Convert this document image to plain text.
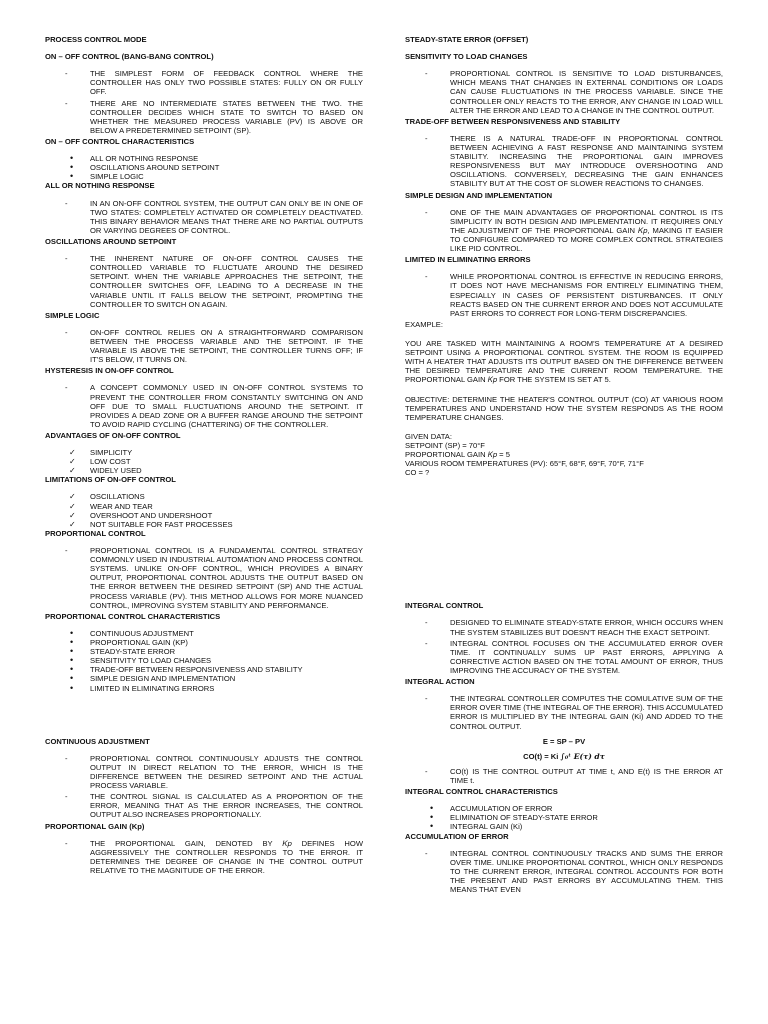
PROCESS CONTROL MODE
ON – OFF CONTROL (BANG-BANG CONTROL)
- THE SIMPLEST FORM OF FEEDBACK CONTROL WHERE THE CONTROLLER HAS ONLY TWO POSSIBLE STATES: FULLY ON OR FULLY OFF.
- THERE ARE NO INTERMEDIATE STATES BETWEEN THE TWO. THE CONTROLLER DECIDES WHICH STATE TO SWITCH TO BASED ON WHETHER THE MEASURED PROCESS VARIABLE (PV) IS ABOVE OR BELOW A PREDETERMINED SETPOINT (SP).
ON – OFF CONTROL CHARACTERISTICS
• ALL OR NOTHING RESPONSE
• OSCILLATIONS AROUND SETPOINT
• SIMPLE LOGIC
ALL OR NOTHING RESPONSE
- IN AN ON-OFF CONTROL SYSTEM, THE OUTPUT CAN ONLY BE IN ONE OF TWO STATES: COMPLETELY ACTIVATED OR COMPLETELY DEACTIVATED. THIS BINARY BEHAVIOR MEANS THAT THERE ARE NO PARTIAL OUTPUTS OR VARYING DEGREES OF CONTROL.
OSCILLATIONS AROUND SETPOINT
- THE INHERENT NATURE OF ON-OFF CONTROL CAUSES THE CONTROLLED VARIABLE TO FLUCTUATE AROUND THE DESIRED SETPOINT. WHEN THE VARIABLE APPROACHES THE SETPOINT, THE CONTROLLER SWITCHES OFF, LEADING TO A DECREASE IN THE VARIABLE UNTIL IT FALLS BELOW THE SETPOINT, PROMPTING THE CONTROLLER TO SWITCH ON AGAIN.
SIMPLE LOGIC
- ON-OFF CONTROL RELIES ON A STRAIGHTFORWARD COMPARISON BETWEEN THE PROCESS VARIABLE AND THE SETPOINT. IF THE VARIABLE IS ABOVE THE SETPOINT, THE CONTROLLER TURNS OFF; IF IT'S BELOW, IT TURNS ON.
HYSTERESIS IN ON-OFF CONTROL
- A CONCEPT COMMONLY USED IN ON-OFF CONTROL SYSTEMS TO PREVENT THE CONTROLLER FROM CONSTANTLY SWITCHING ON AND OFF DUE TO SMALL FLUCTUATIONS AROUND THE SETPOINT. IT PROVIDES A DEAD ZONE OR A BUFFER RANGE AROUND THE SETPOINT TO AVOID RAPID CYCLING (CHATTERING) OF THE CONTROLLER.
ADVANTAGES OF ON-OFF CONTROL
✓ SIMPLICITY
✓ LOW COST
✓ WIDELY USED
LIMITATIONS OF ON-OFF CONTROL
✓ OSCILLATIONS
✓ WEAR AND TEAR
✓ OVERSHOOT AND UNDERSHOOT
✓ NOT SUITABLE FOR FAST PROCESSES
PROPORTIONAL CONTROL
- PROPORTIONAL CONTROL IS A FUNDAMENTAL CONTROL STRATEGY COMMONLY USED IN INDUSTRIAL AUTOMATION AND PROCESS CONTROL SYSTEMS. UNLIKE ON-OFF CONTROL, WHICH PROVIDES A BINARY OUTPUT, PROPORTIONAL CONTROL ADJUSTS THE OUTPUT BASED ON THE ERROR BETWEEN THE DESIRED SETPOINT (SP) AND THE ACTUAL PROCESS VARIABLE (PV). THIS METHOD ALLOWS FOR MORE NUANCED CONTROL, IMPROVING SYSTEM STABILITY AND PERFORMANCE.
PROPORTIONAL CONTROL CHARACTERISTICS
• CONTINUOUS ADJUSTMENT
• PROPORTIONAL GAIN (KP)
• STEADY-STATE ERROR
• SENSITIVITY TO LOAD CHANGES
• TRADE-OFF BETWEEN RESPONSIVENESS AND STABILITY
• SIMPLE DESIGN AND IMPLEMENTATION
• LIMITED IN ELIMINATING ERRORS
CONTINUOUS ADJUSTMENT
- PROPORTIONAL CONTROL CONTINUOUSLY ADJUSTS THE CONTROL OUTPUT IN DIRECT RELATION TO THE ERROR, WHICH IS THE DIFFERENCE BETWEEN THE DESIRED SETPOINT AND THE ACTUAL PROCESS VARIABLE.
- THE CONTROL SIGNAL IS CALCULATED AS A PROPORTION OF THE ERROR, MEANING THAT AS THE ERROR INCREASES, THE CONTROL OUTPUT ALSO INCREASES PROPORTIONALLY.
PROPORTIONAL GAIN (Kp)
- THE PROPORTIONAL GAIN, DENOTED BY 𝐾𝑝 DEFINES HOW AGGRESSIVELY THE CONTROLLER RESPONDS TO THE ERROR. IT DETERMINES THE DEGREE OF CHANGE IN THE CONTROL OUTPUT RELATIVE TO THE MAGNITUDE OF THE ERROR.
STEADY-STATE ERROR (OFFSET)
SENSITIVITY TO LOAD CHANGES
- PROPORTIONAL CONTROL IS SENSITIVE TO LOAD DISTURBANCES, WHICH MEANS THAT CHANGES IN EXTERNAL CONDITIONS OR LOADS CAN CAUSE FLUCTUATIONS IN THE PROCESS VARIABLE. SINCE THE CONTROLLER ONLY REACTS TO THE ERROR, ANY CHANGE IN LOAD WILL ALTER THE ERROR AND LEAD TO A CHANGE IN THE CONTROL OUTPUT.
TRADE-OFF BETWEEN RESPONSIVENESS AND STABILITY
- THERE IS A NATURAL TRADE-OFF IN PROPORTIONAL CONTROL BETWEEN ACHIEVING A FAST RESPONSE AND MAINTAINING SYSTEM STABILITY. INCREASING THE PROPORTIONAL GAIN IMPROVES RESPONSIVENESS BUT MAY INTRODUCE OVERSHOOTING AND OSCILLATIONS. CONVERSELY, DECREASING THE GAIN ENHANCES STABILITY BUT AT THE COST OF SLOWER REACTIONS TO CHANGES.
SIMPLE DESIGN AND IMPLEMENTATION
- ONE OF THE MAIN ADVANTAGES OF PROPORTIONAL CONTROL IS ITS SIMPLICITY IN BOTH DESIGN AND IMPLEMENTATION. IT REQUIRES ONLY THE ADJUSTMENT OF THE PROPORTIONAL GAIN 𝐾𝑝, MAKING IT EASIER TO CONFIGURE COMPARED TO MORE COMPLEX CONTROL STRATEGIES LIKE PID CONTROL.
LIMITED IN ELIMINATING ERRORS
- WHILE PROPORTIONAL CONTROL IS EFFECTIVE IN REDUCING ERRORS, IT DOES NOT HAVE MECHANISMS FOR ENTIRELY ELIMINATING THEM, ESPECIALLY IN CASES OF PERSISTENT DISTURBANCES. IT ONLY REACTS BASED ON THE CURRENT ERROR AND DOES NOT ACCUMULATE PAST ERRORS TO CORRECT FOR LONG-TERM DISCREPANCIES.

EXAMPLE:

YOU ARE TASKED WITH MAINTAINING A ROOM'S TEMPERATURE AT A DESIRED SETPOINT USING A PROPORTIONAL CONTROL SYSTEM. THE ROOM IS EQUIPPED WITH A HEATER THAT ADJUSTS ITS OUTPUT BASED ON THE DIFFERENCE BETWEEN THE DESIRED TEMPERATURE AND THE CURRENT ROOM TEMPERATURE. THE PROPORTIONAL GAIN 𝐾𝑝 FOR THE SYSTEM IS SET AT 5.

OBJECTIVE: DETERMINE THE HEATER'S CONTROL OUTPUT (CO) AT VARIOUS ROOM TEMPERATURES AND UNDERSTAND HOW THE SYSTEM RESPONDS AS THE ROOM TEMPERATURE CHANGES.

GIVEN DATA:

SETPOINT (SP) = 70°F

PROPORTIONAL GAIN 𝐾𝑝 = 5

VARIOUS ROOM TEMPERATURES (PV): 65°F, 68°F, 69°F, 70°F, 71°F

CO = ?

INTEGRAL CONTROL
- DESIGNED TO ELIMINATE STEADY-STATE ERROR, WHICH OCCURS WHEN THE SYSTEM STABILIZES BUT DOESN'T REACH THE EXACT SETPOINT.
- INTEGRAL CONTROL FOCUSES ON THE ACCUMULATED ERROR OVER TIME. IT CONTINUALLY SUMS UP PAST ERRORS, APPLYING A CORRECTIVE ACTION BASED ON THE TOTAL AMOUNT OF ERROR, THUS IMPROVING THE ACCURACY OF THE SYSTEM.
INTEGRAL ACTION
- THE INTEGRAL CONTROLLER COMPUTES THE COMULATIVE SUM OF THE ERROR OVER TIME (THE INTEGRAL OF THE ERROR). THIS ACCUMULATED ERROR IS MULTIPLIED BY THE INTEGRAL GAIN (Ki) AND ADDED TO THE CONTROL OUTPUT.
E = SP – PV
CO(t) = Ki ∫₀ᵗ E(τ) dτ
- CO(t) IS THE CONTROL OUTPUT AT TIME t, AND E(t) IS THE ERROR AT TIME t.
INTEGRAL CONTROL CHARACTERISTICS
• ACCUMULATION OF ERROR
• ELIMINATION OF STEADY-STATE ERROR
• INTEGRAL GAIN (Ki)
ACCUMULATION OF ERROR
- INTEGRAL CONTROL CONTINUOUSLY TRACKS AND SUMS THE ERROR OVER TIME. UNLIKE PROPORTIONAL CONTROL, WHICH ONLY RESPONDS TO THE CURRENT ERROR, INTEGRAL CONTROL ACCOUNTS FOR BOTH THE PRESENT AND PAST ERRORS BY ACCUMULATING THEM. THIS MEANS THAT EVEN
